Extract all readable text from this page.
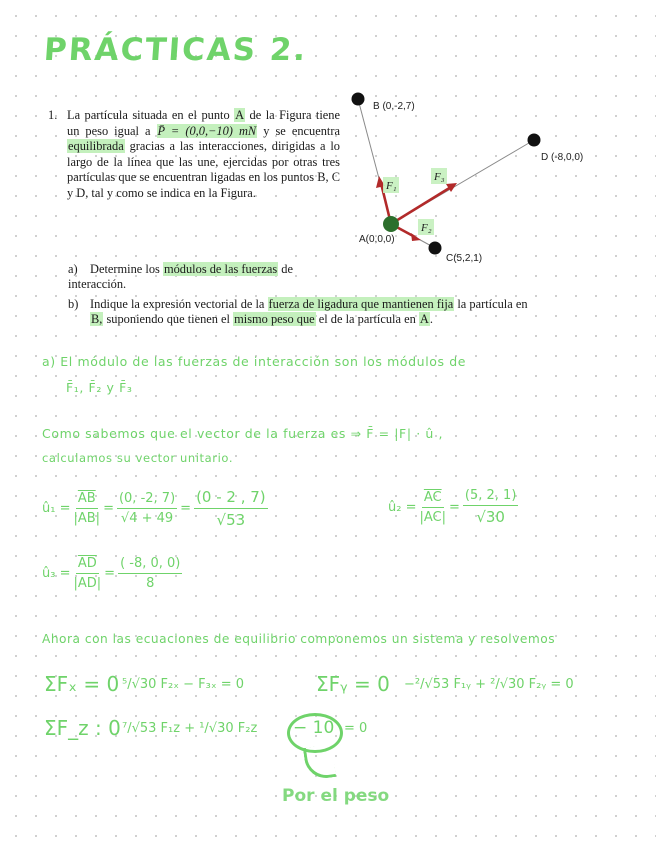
PRÁCTICAS 2.
1. La partícula situada en el punto A de la Figura tiene un peso igual a P̄ = (0,0,−10) mN y se encuentra equilibrada gracias a las interacciones, dirigidas a lo largo de la línea que las une, ejercidas por otras tres partículas que se encuentran ligadas en los puntos B, C y D, tal y como se indica en la Figura.
a) Determine los módulos de las fuerzas de interacción.
b) Indique la expresión vectorial de la fuerza de ligadura que mantienen fija la partícula en
B, suponiendo que tienen el mismo peso que el de la partícula en A.
B (0,-2,7)
D (-8,0,0)
A(0,0,0)
C(5,2,1)
F₁
F₃
F₂
a) El módulo de las fuerzas de interacción son los módulos de
F̄₁, F̄₂ y F̄₃
Como sabemos que el vector de la fuerza es ⇒ F̄ = |F| · û ,
calculamos su vector unitario.
û₁ = $\frac{\overline{AB}}{|AB|} = \frac{(0, -2, 7)}{√4 + 49} = \frac{(0 - 2 , 7)}{√53}$	û₂ = $\frac{\overline{AC}}{|AC|} = \frac{(5, 2, 1)}{√30}$
û₃ = $\frac{\overline{AD}}{|AD|} = \frac{( -8, 0, 0)}{8}$
Ahora con las ecuaciones de equilibrio componemos un sistema y resolvemos
ΣFₓ = 0 ⁵/√30 F₂ₓ − F₃ₓ = 0	ΣFᵧ = 0 −²/√53 F₁ᵧ + ²/√30 F₂ᵧ = 0
ΣF_z : 0 ⁷/√53 F₁z + ¹/√30 F₂z − 10 = 0
Por el peso
